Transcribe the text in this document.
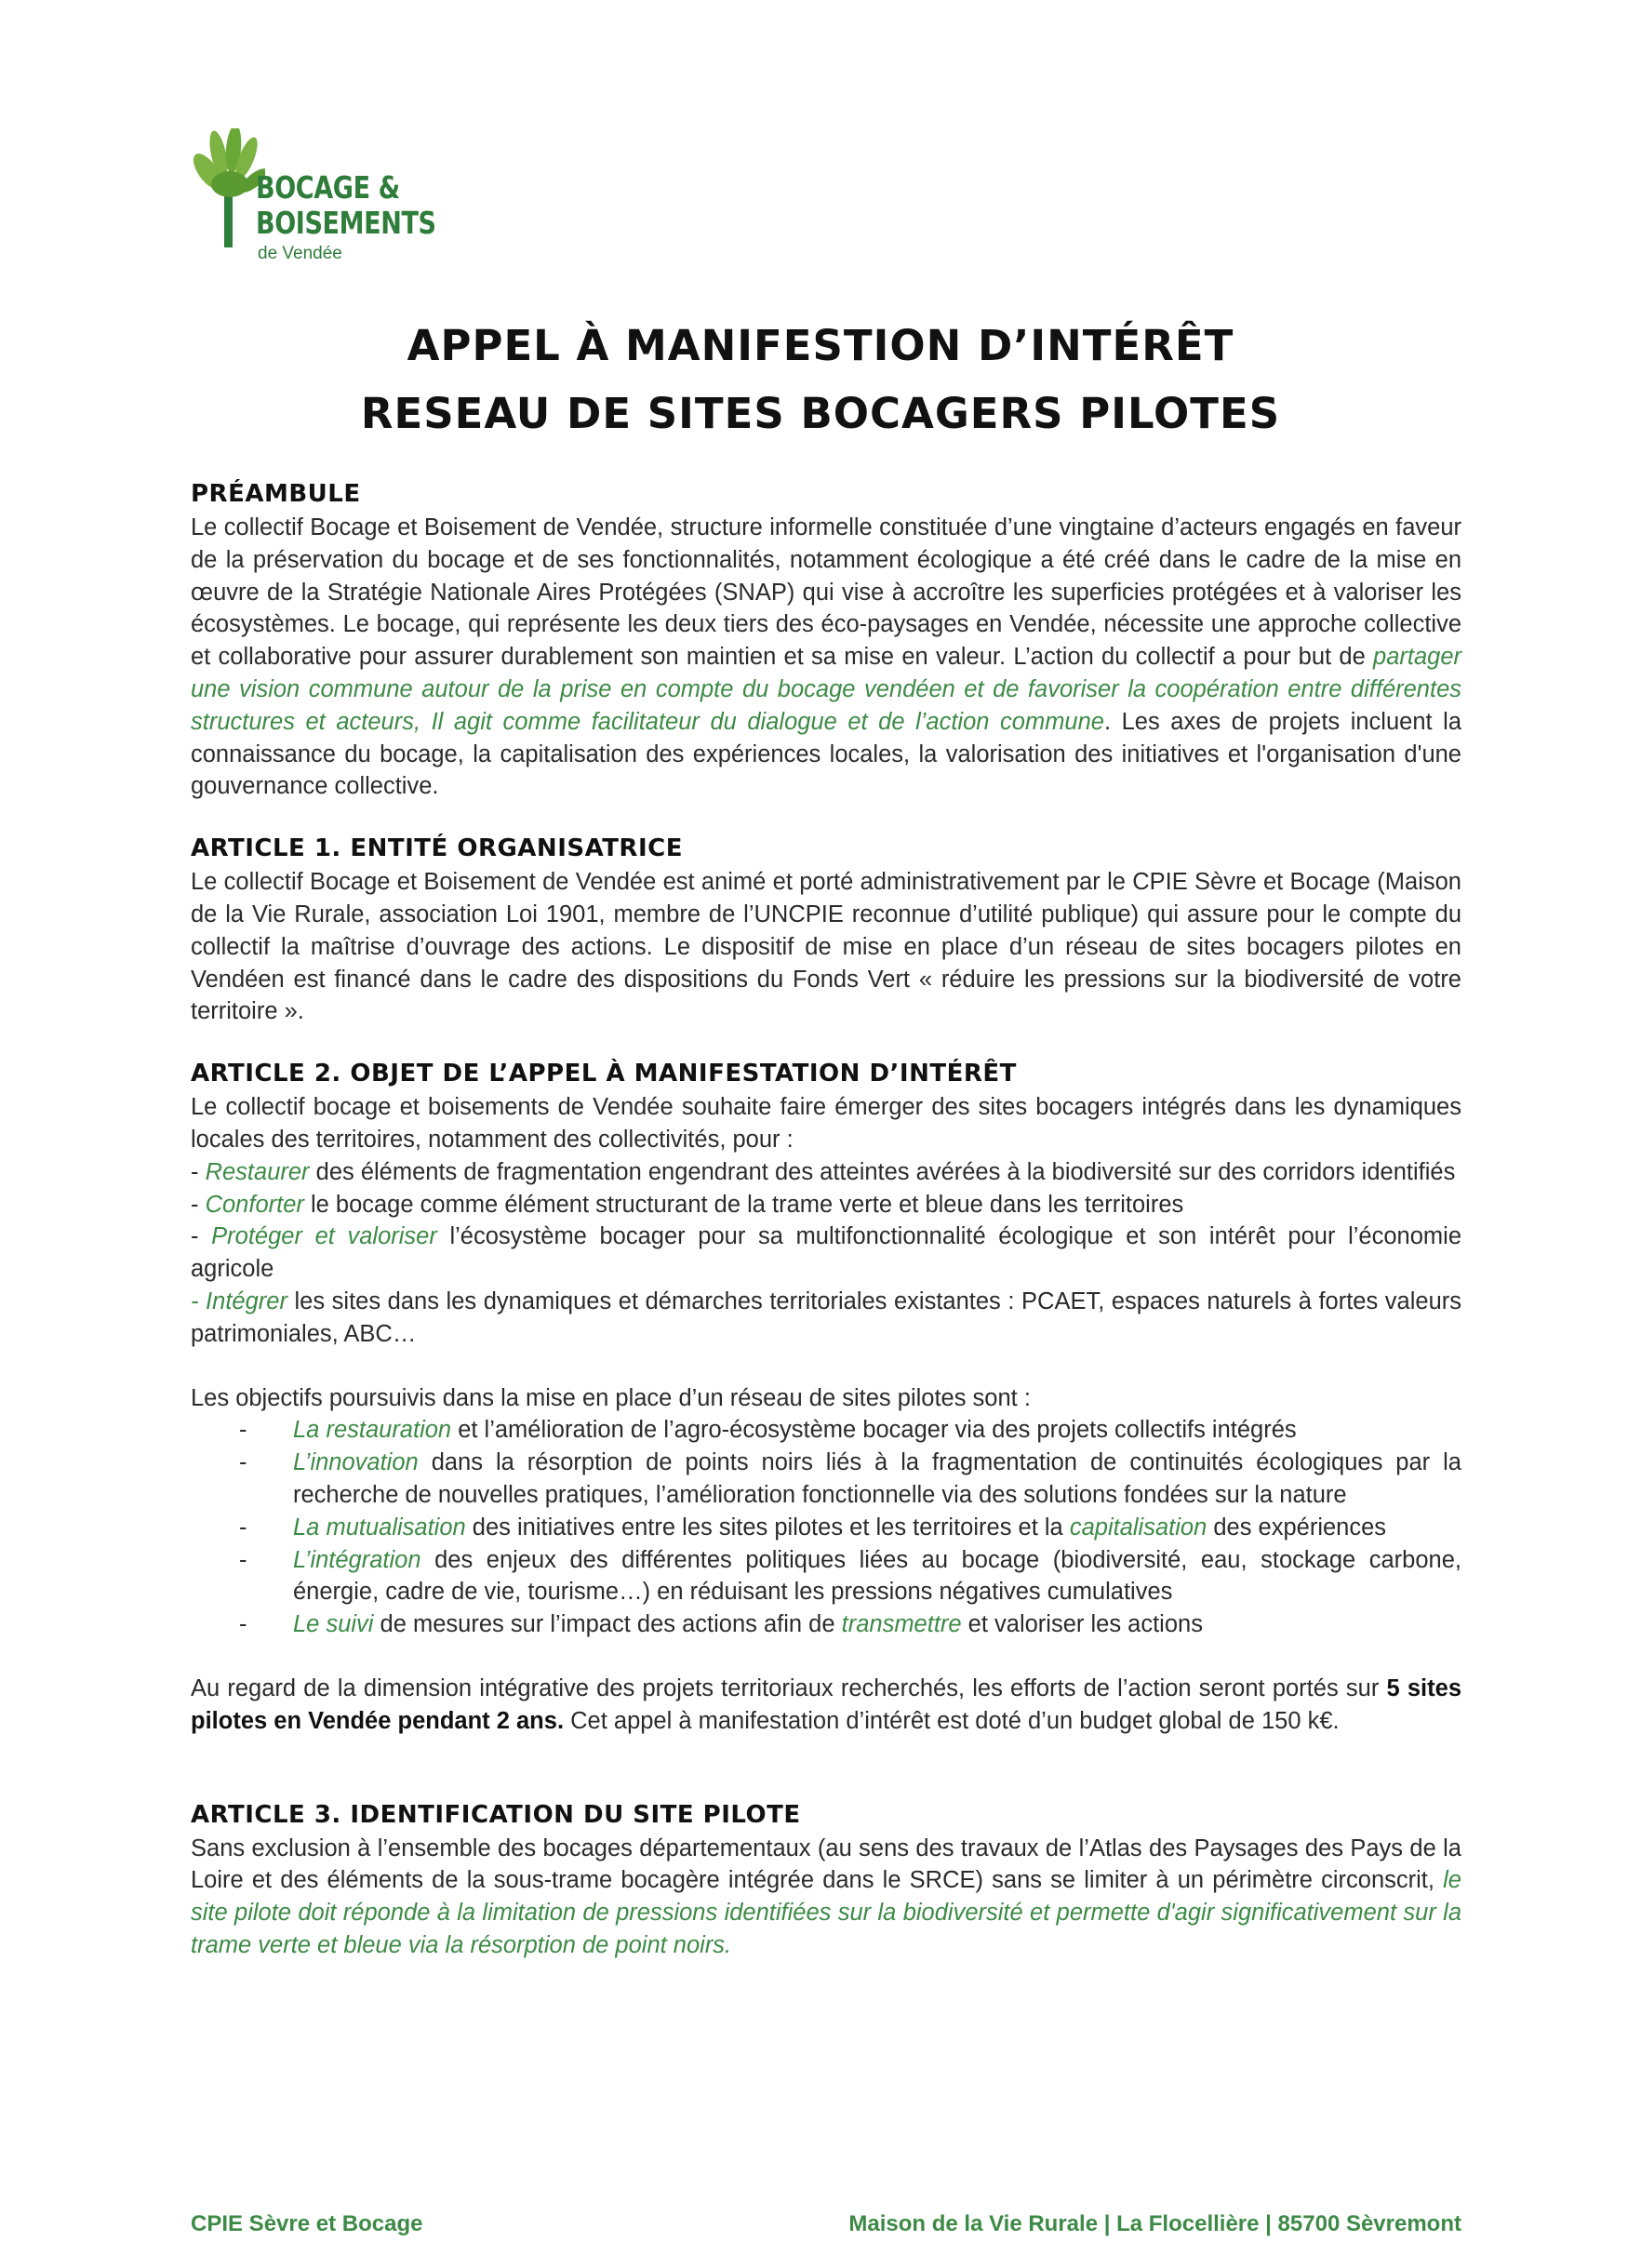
BOCAGE &
BOISEMENTS
de Vendée
APPEL À MANIFESTION D’INTÉRÊT
RESEAU DE SITES BOCAGERS PILOTES
PRÉAMBULE

Le collectif Bocage et Boisement de Vendée, structure informelle constituée d’une vingtaine d’acteurs engagés en faveur de la préservation du bocage et de ses fonctionnalités, notamment écologique a été créé dans le cadre de la mise en œuvre de la Stratégie Nationale Aires Protégées (SNAP) qui vise à accroître les superficies protégées et à valoriser les écosystèmes. Le bocage, qui représente les deux tiers des éco-paysages en Vendée, nécessite une approche collective et collaborative pour assurer durablement son maintien et sa mise en valeur. L’action du collectif a pour but de partager une vision commune autour de la prise en compte du bocage vendéen et de favoriser la coopération entre différentes structures et acteurs, Il agit comme facilitateur du dialogue et de l’action commune. Les axes de projets incluent la connaissance du bocage, la capitalisation des expériences locales, la valorisation des initiatives et l'organisation d'une gouvernance collective.

ARTICLE 1. ENTITÉ ORGANISATRICE

Le collectif Bocage et Boisement de Vendée est animé et porté administrativement par le CPIE Sèvre et Bocage (Maison de la Vie Rurale, association Loi 1901, membre de l’UNCPIE reconnue d’utilité publique) qui assure pour le compte du collectif la maîtrise d’ouvrage des actions. Le dispositif de mise en place d’un réseau de sites bocagers pilotes en Vendéen est financé dans le cadre des dispositions du Fonds Vert « réduire les pressions sur la biodiversité de votre territoire ».

ARTICLE 2. OBJET DE L’APPEL À MANIFESTATION D’INTÉRÊT

Le collectif bocage et boisements de Vendée souhaite faire émerger des sites bocagers intégrés dans les dynamiques locales des territoires, notamment des collectivités, pour :

- Restaurer des éléments de fragmentation engendrant des atteintes avérées à la biodiversité sur des corridors identifiés

- Conforter le bocage comme élément structurant de la trame verte et bleue dans les territoires

- Protéger et valoriser l’écosystème bocager pour sa multifonctionnalité écologique et son intérêt pour l’économie agricole

- Intégrer les sites dans les dynamiques et démarches territoriales existantes : PCAET, espaces naturels à fortes valeurs patrimoniales, ABC…

Les objectifs poursuivis dans la mise en place d’un réseau de sites pilotes sont :

- La restauration et l’amélioration de l’agro-écosystème bocager via des projets collectifs intégrés
- L’innovation dans la résorption de points noirs liés à la fragmentation de continuités écologiques par la recherche de nouvelles pratiques, l’amélioration fonctionnelle via des solutions fondées sur la nature
- La mutualisation des initiatives entre les sites pilotes et les territoires et la capitalisation des expériences
- L’intégration des enjeux des différentes politiques liées au bocage (biodiversité, eau, stockage carbone, énergie, cadre de vie, tourisme…) en réduisant les pressions négatives cumulatives
- Le suivi de mesures sur l’impact des actions afin de transmettre et valoriser les actions

Au regard de la dimension intégrative des projets territoriaux recherchés, les efforts de l’action seront portés sur 5 sites pilotes en Vendée pendant 2 ans. Cet appel à manifestation d’intérêt est doté d’un budget global de 150 k€.

ARTICLE 3. IDENTIFICATION DU SITE PILOTE

Sans exclusion à l’ensemble des bocages départementaux (au sens des travaux de l’Atlas des Paysages des Pays de la Loire et des éléments de la sous-trame bocagère intégrée dans le SRCE) sans se limiter à un périmètre circonscrit, le site pilote doit réponde à la limitation de pressions identifiées sur la biodiversité et permette d'agir significativement sur la trame verte et bleue via la résorption de point noirs.

CPIE Sèvre et Bocage	Maison de la Vie Rurale | La Flocellière | 85700 Sèvremont
